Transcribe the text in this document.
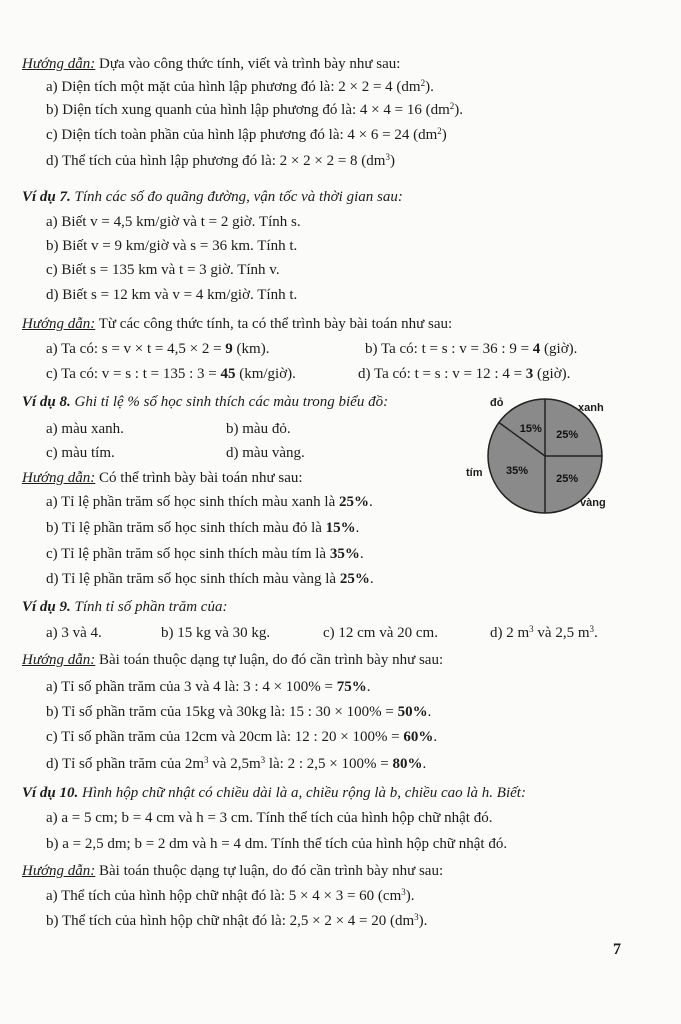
Hướng dẫn: Dựa vào công thức tính, viết và trình bày như sau:
a) Diện tích một mặt của hình lập phương đó là: 2 × 2 = 4 $(dm^2)$.
b) Diện tích xung quanh của hình lập phương đó là: 4 × 4 = 16 $(dm^2)$.
c) Diện tích toàn phần của hình lập phương đó là: 4 × 6 = 24 $(dm^2)$
d) Thể tích của hình lập phương đó là: 2 × 2 × 2 = 8 $(dm^3)$
Ví dụ 7. Tính các số đo quãng đường, vận tốc và thời gian sau:
a) Biết v = 4,5 km/giờ và t = 2 giờ. Tính s.
b) Biết v = 9 km/giờ và s = 36 km. Tính t.
c) Biết s = 135 km và t = 3 giờ. Tính v.
d) Biết s = 12 km và v = 4 km/giờ. Tính t.
Hướng dẫn: Từ các công thức tính, ta có thể trình bày bài toán như sau:
a) Ta có: s = v × t = 4,5 × 2 = 9 (km).	b) Ta có: t = s : v = 36 : 9 = 4 (giờ).
c) Ta có: v = s : t = 135 : 3 = 45 (km/giờ).	d) Ta có: t = s : v = 12 : 4 = 3 (giờ).
Ví dụ 8. Ghi tỉ lệ % số học sinh thích các màu trong biểu đồ:
a) màu xanh.	b) màu đỏ.
c) màu tím.	d) màu vàng.
Hướng dẫn: Có thể trình bày bài toán như sau:
a) Tỉ lệ phần trăm số học sinh thích màu xanh là 25%.
b) Tỉ lệ phần trăm số học sinh thích màu đỏ là 15%.
c) Tỉ lệ phần trăm số học sinh thích màu tím là 35%.
d) Tỉ lệ phần trăm số học sinh thích màu vàng là 25%.
15% 25%
35%
25%
đỏ	xanh
tím
vàng
Ví dụ 9. Tính tỉ số phần trăm của:
a) 3 và 4.	b) 15 kg và 30 kg.	c) 12 cm và 20 cm.	d) 2 $m^3$ và 2,5 $m^3$.
Hướng dẫn: Bài toán thuộc dạng tự luận, do đó cần trình bày như sau:
a) Tỉ số phần trăm của 3 và 4 là: 3 : 4 × 100% = 75%.
b) Tỉ số phần trăm của 15kg và 30kg là: 15 : 30 × 100% = 50%.
c) Tỉ số phần trăm của 12cm và 20cm là: 12 : 20 × 100% = 60%.
d) Tỉ số phần trăm của $2m^3$ và $2,5m^3$ là: 2 : 2,5 × 100% = 80%.
Ví dụ 10. Hình hộp chữ nhật có chiều dài là a, chiều rộng là b, chiều cao là h. Biết:
a) a = 5 cm; b = 4 cm và h = 3 cm. Tính thể tích của hình hộp chữ nhật đó.
b) a = 2,5 dm; b = 2 dm và h = 4 dm. Tính thể tích của hình hộp chữ nhật đó.
Hướng dẫn: Bài toán thuộc dạng tự luận, do đó cần trình bày như sau:
a) Thể tích của hình hộp chữ nhật đó là: 5 × 4 × 3 = 60 $(cm^3)$.
b) Thể tích của hình hộp chữ nhật đó là: 2,5 × 2 × 4 = 20 $(dm^3)$.
7
